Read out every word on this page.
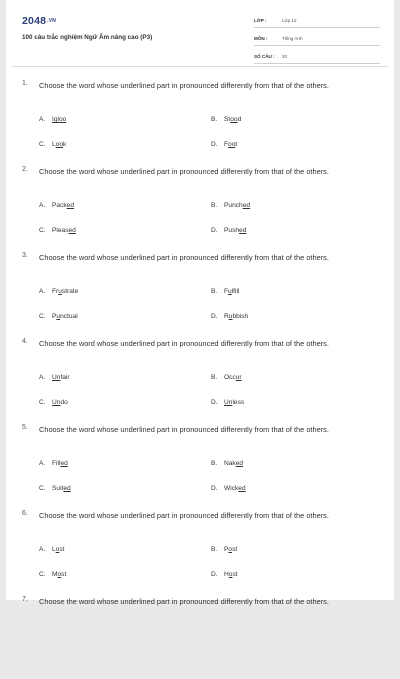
2048.VN
100 câu trắc nghiệm Ngữ Âm nâng cao (P3)
LỚP :	Lớp 12
MÔN :	Tiếng Anh
SỐ CÂU :	20
1. Choose the word whose underlined part in pronounced differently from that of the others.
A. Igloo	B. Stood
C. Look	D. Foot
2. Choose the word whose underlined part in pronounced differently from that of the others.
A. Packed	B. Punched
C. Pleased	D. Pushed
3. Choose the word whose underlined part in pronounced differently from that of the others.
A. Frustrate	B. Fulfill
C. Punctual	D. Rubbish
4. Choose the word whose underlined part in pronounced differently from that of the others.
A. Unfair	B. Occur
C. Undo	D. Unless
5. Choose the word whose underlined part in pronounced differently from that of the others.
A. Filled	B. Naked
C. Suited	D. Wicked
6. Choose the word whose underlined part in pronounced differently from that of the others.
A. Lost	B. Post
C. Most	D. Host
7. Choose the word whose underlined part in pronounced differently from that of the others.
